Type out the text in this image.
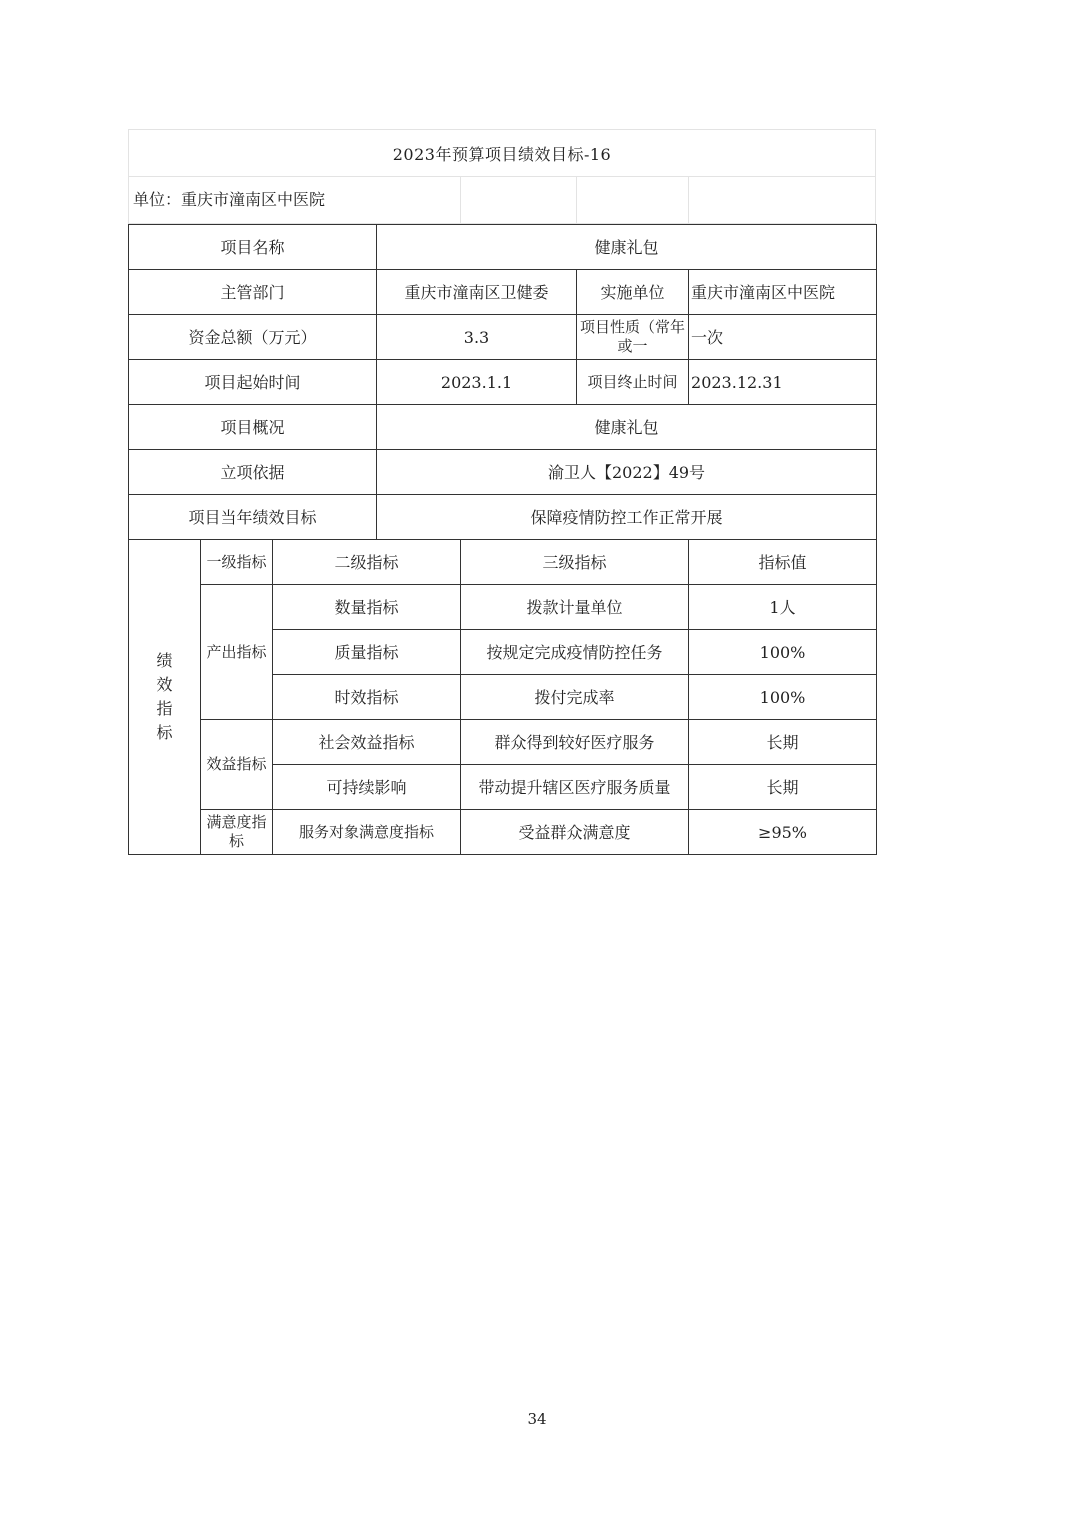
2023年预算项目绩效目标-16
单位：重庆市潼南区中医院
项目名称			健康礼包			
主管部门			重庆市潼南区卫健委		实施单位	重庆市潼南区中医院
资金总额（万元）			3.3		项目性质（常年或一	一次
项目起始时间			2023.1.1		项目终止时间	2023.12.31
项目概况			健康礼包			
立项依据			渝卫人【2022】49号			
项目当年绩效目标			保障疫情防控工作正常开展			
绩效指标	一级指标	二级指标		三级指标		指标值
	产出指标	数量指标		拨款计量单位		1人
		质量指标		按规定完成疫情防控任务		100%
		时效指标		拨付完成率		100%
	效益指标	社会效益指标		群众得到较好医疗服务		长期
		可持续影响		带动提升辖区医疗服务质量		长期
	满意度指标	服务对象满意度指标		受益群众满意度		≥95%
34
